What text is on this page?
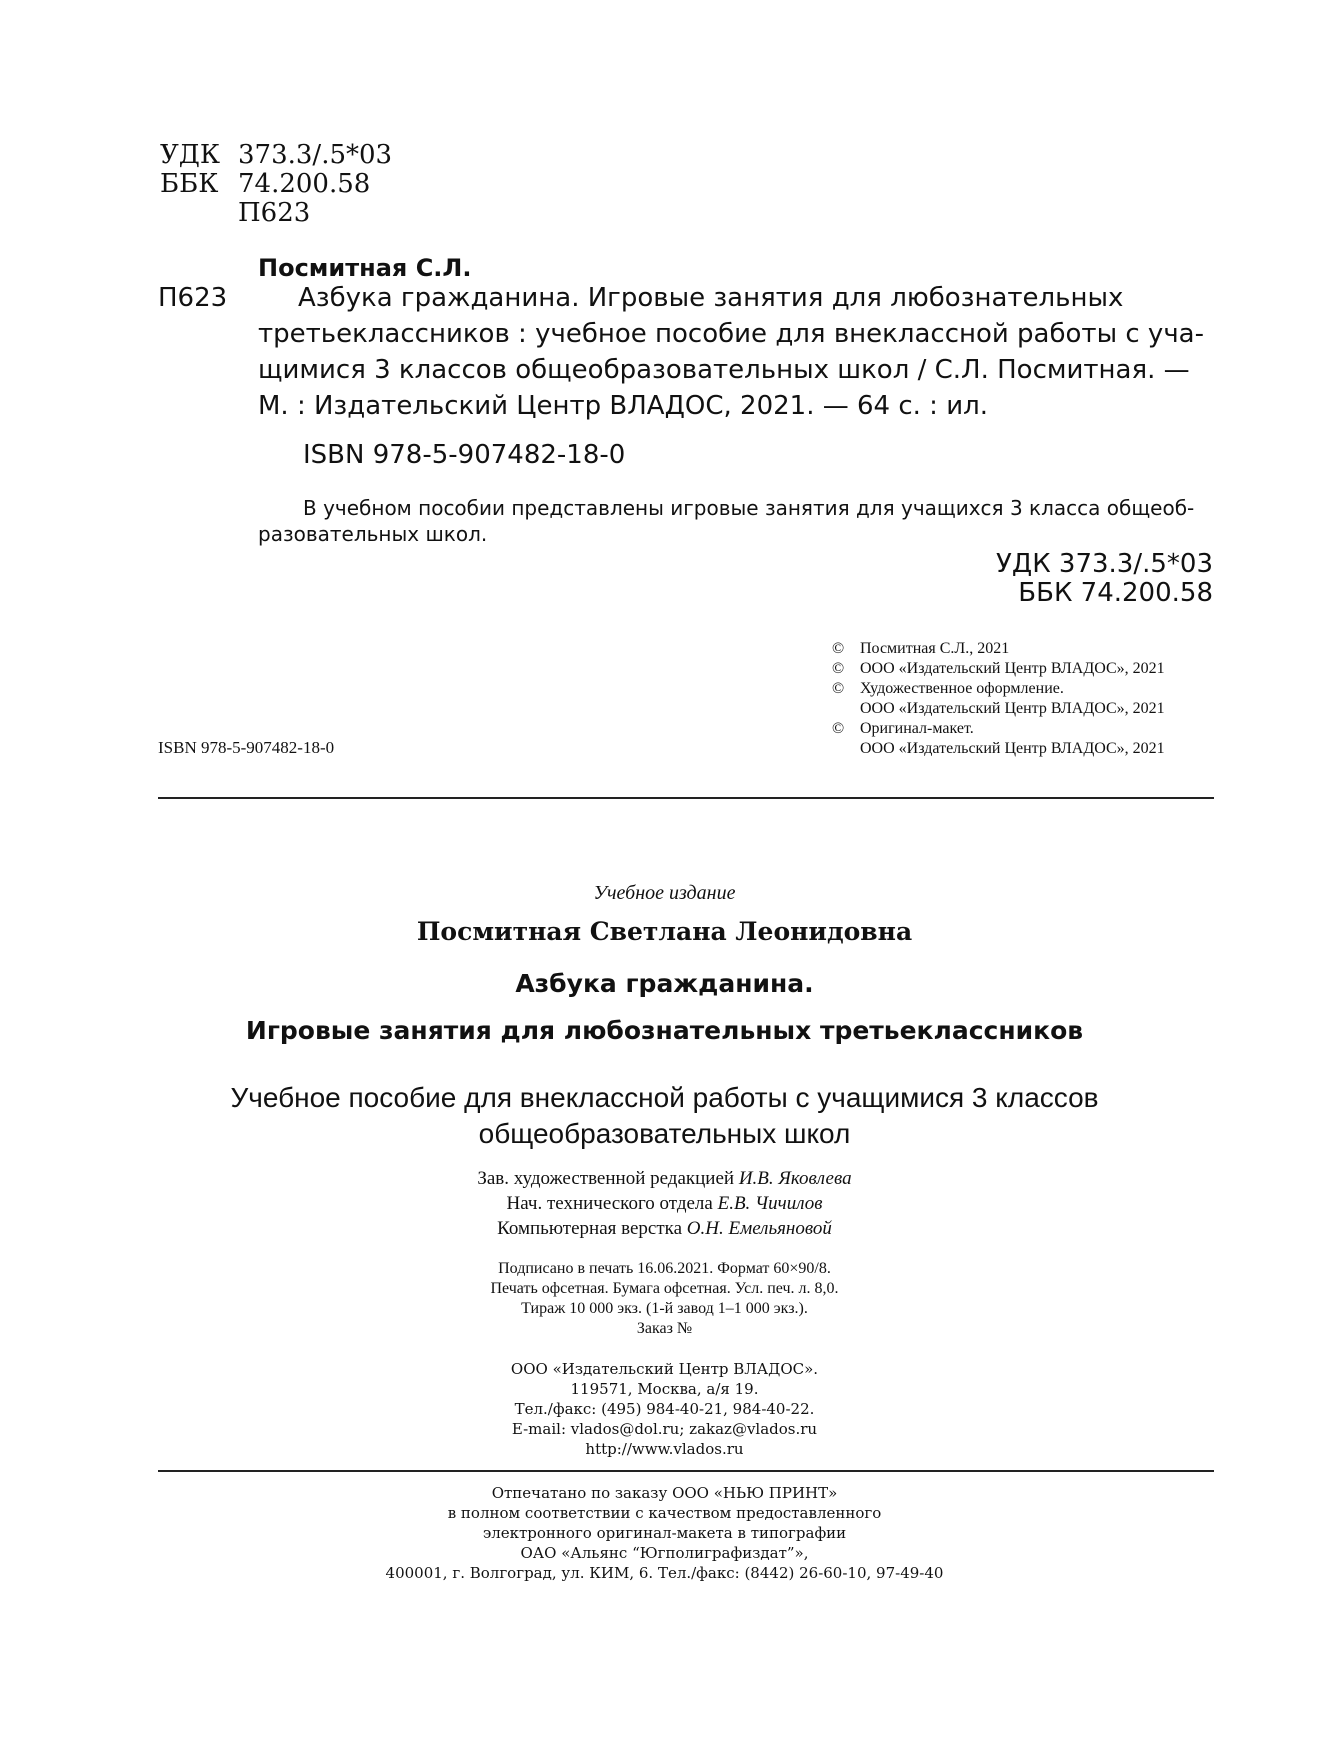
УДК 373.3/.5*03
ББК 74.200.58
П623
Посмитная С.Л.
П623	Азбука гражданина. Игровые занятия для любознательных
третьеклассников : учебное пособие для внеклассной работы с уча-
щимися 3 классов общеобразовательных школ / С.Л. Посмитная. —
М. : Издательский Центр ВЛАДОС, 2021. — 64 с. : ил.
ISBN 978-5-907482-18-0
В учебном пособии представлены игровые занятия для учащихся 3 класса общеоб-
разовательных школ.
УДК 373.3/.5*03
ББК 74.200.58
© Посмитная С.Л., 2021
© ООО «Издательский Центр ВЛАДОС», 2021
© Художественное оформление.
ООО «Издательский Центр ВЛАДОС», 2021
© Оригинал-макет.
ООО «Издательский Центр ВЛАДОС», 2021
ISBN 978-5-907482-18-0
Учебное издание
Посмитная Светлана Леонидовна
Азбука гражданина.
Игровые занятия для любознательных третьеклассников
Учебное пособие для внеклассной работы с учащимися 3 классов
общеобразовательных школ
Зав. художественной редакцией И.В. Яковлева
Нач. технического отдела Е.В. Чичилов
Компьютерная верстка О.Н. Емельяновой
Подписано в печать 16.06.2021. Формат 60×90/8.
Печать офсетная. Бумага офсетная. Усл. печ. л. 8,0.
Тираж 10 000 экз. (1-й завод 1–1 000 экз.).
Заказ №
ООО «Издательский Центр ВЛАДОС».
119571, Москва, а/я 19.
Тел./факс: (495) 984-40-21, 984-40-22.
E-mail: vlados@dol.ru; zakaz@vlados.ru
http://www.vlados.ru
Отпечатано по заказу ООО «НЬЮ ПРИНТ»
в полном соответствии с качеством предоставленного
электронного оригинал-макета в типографии
ОАО «Альянс “Югполиграфиздат”»,
400001, г. Волгоград, ул. КИМ, 6. Тел./факс: (8442) 26-60-10, 97-49-40
